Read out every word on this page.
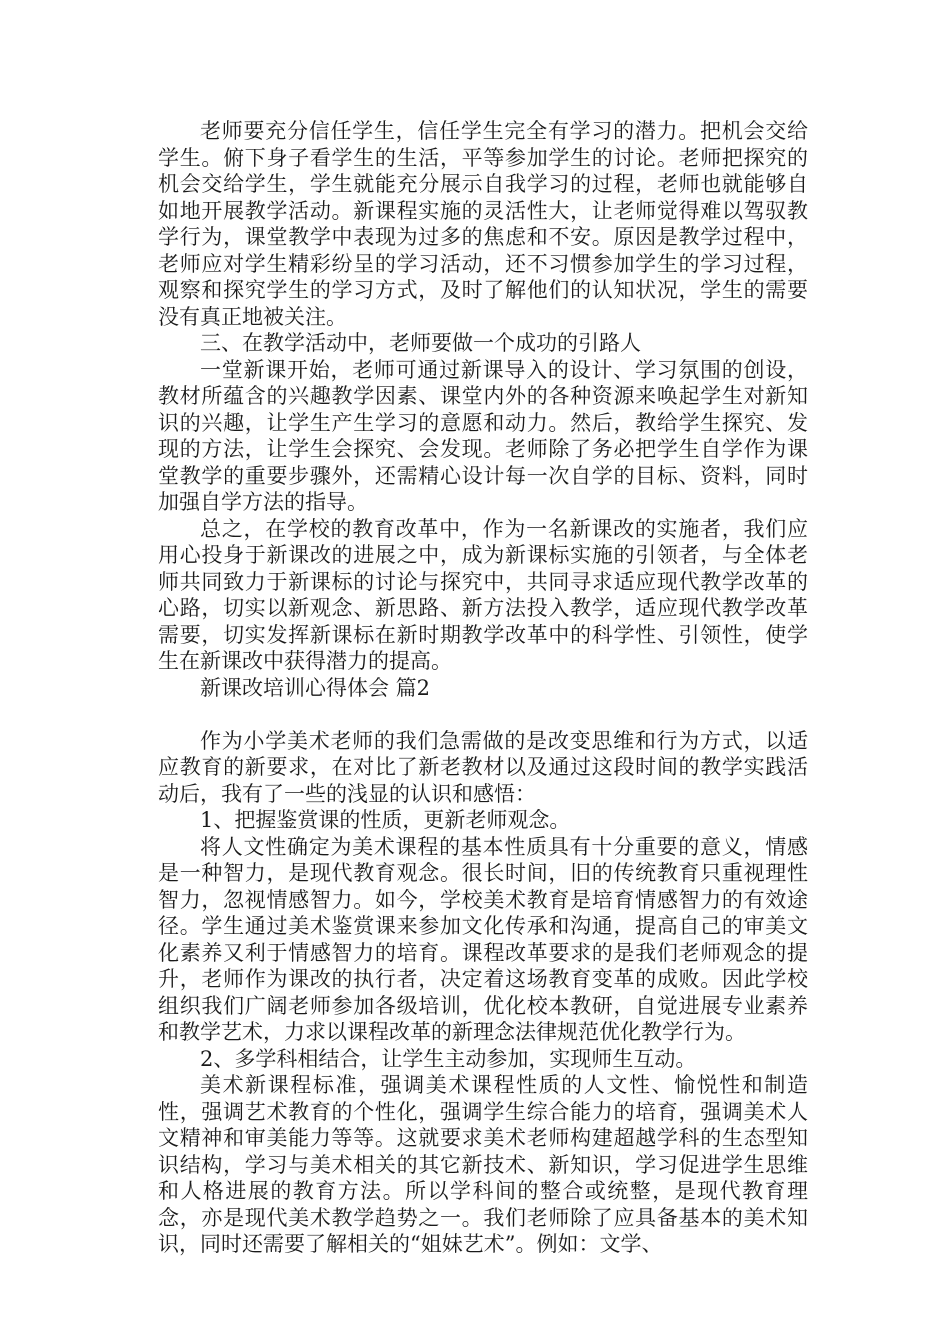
老师要充分信任学生，信任学生完全有学习的潜力。把机会交给学生。俯下身子看学生的生活，平等参加学生的讨论。老师把探究的机会交给学生，学生就能充分展示自我学习的过程，老师也就能够自如地开展教学活动。新课程实施的灵活性大，让老师觉得难以驾驭教学行为，课堂教学中表现为过多的焦虑和不安。原因是教学过程中，老师应对学生精彩纷呈的学习活动，还不习惯参加学生的学习过程，观察和探究学生的学习方式，及时了解他们的认知状况，学生的需要没有真正地被关注。

三、在教学活动中，老师要做一个成功的引路人

一堂新课开始，老师可通过新课导入的设计、学习氛围的创设，教材所蕴含的兴趣教学因素、课堂内外的各种资源来唤起学生对新知识的兴趣，让学生产生学习的意愿和动力。然后，教给学生探究、发现的方法，让学生会探究、会发现。老师除了务必把学生自学作为课堂教学的重要步骤外，还需精心设计每一次自学的目标、资料，同时加强自学方法的指导。

总之，在学校的教育改革中，作为一名新课改的实施者，我们应用心投身于新课改的进展之中，成为新课标实施的引领者，与全体老师共同致力于新课标的讨论与探究中，共同寻求适应现代教学改革的心路，切实以新观念、新思路、新方法投入教学，适应现代教学改革需要，切实发挥新课标在新时期教学改革中的科学性、引领性，使学生在新课改中获得潜力的提高。

新课改培训心得体会 篇2

作为小学美术老师的我们急需做的是改变思维和行为方式，以适应教育的新要求，在对比了新老教材以及通过这段时间的教学实践活动后，我有了一些的浅显的认识和感悟：

1、把握鉴赏课的性质，更新老师观念。

将人文性确定为美术课程的基本性质具有十分重要的意义，情感是一种智力，是现代教育观念。很长时间，旧的传统教育只重视理性智力，忽视情感智力。如今，学校美术教育是培育情感智力的有效途径。学生通过美术鉴赏课来参加文化传承和沟通，提高自己的审美文化素养又利于情感智力的培育。课程改革要求的是我们老师观念的提升，老师作为课改的执行者，决定着这场教育变革的成败。因此学校组织我们广阔老师参加各级培训，优化校本教研，自觉进展专业素养和教学艺术，力求以课程改革的新理念法律规范优化教学行为。

2、多学科相结合，让学生主动参加，实现师生互动。

美术新课程标准，强调美术课程性质的人文性、愉悦性和制造性，强调艺术教育的个性化，强调学生综合能力的培育，强调美术人文精神和审美能力等等。这就要求美术老师构建超越学科的生态型知识结构，学习与美术相关的其它新技术、新知识，学习促进学生思维和人格进展的教育方法。所以学科间的整合或统整，是现代教育理念，亦是现代美术教学趋势之一。我们老师除了应具备基本的美术知识，同时还需要了解相关的“姐妹艺术”。例如：文学、
